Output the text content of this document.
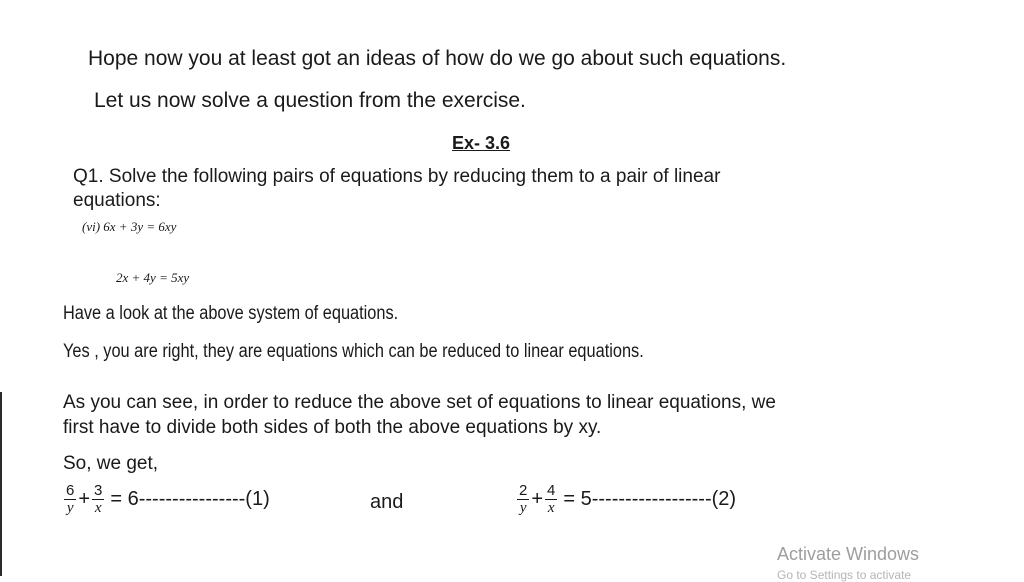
Hope now you at least got an ideas of how do we go about such equations.
Let us now solve a question from the exercise.
Ex- 3.6
Q1. Solve the following pairs of equations by reducing them to a pair of linear
equations:
(vi) 6x + 3y = 6xy
2x + 4y = 5xy
Have a look at the above system of equations.
Yes , you are right, they are equations which can be reduced to linear equations.
As you can see, in order to reduce the above set of equations to linear equations, we
first have to divide both sides of both the above equations by xy.
So, we get,
$\frac{6}{y} + \frac{3}{x} = 6----------------(1)$	and	$\frac{2}{y} + \frac{4}{x} = 5------------------(2)$
Activate Windows
Go to Settings to activate
